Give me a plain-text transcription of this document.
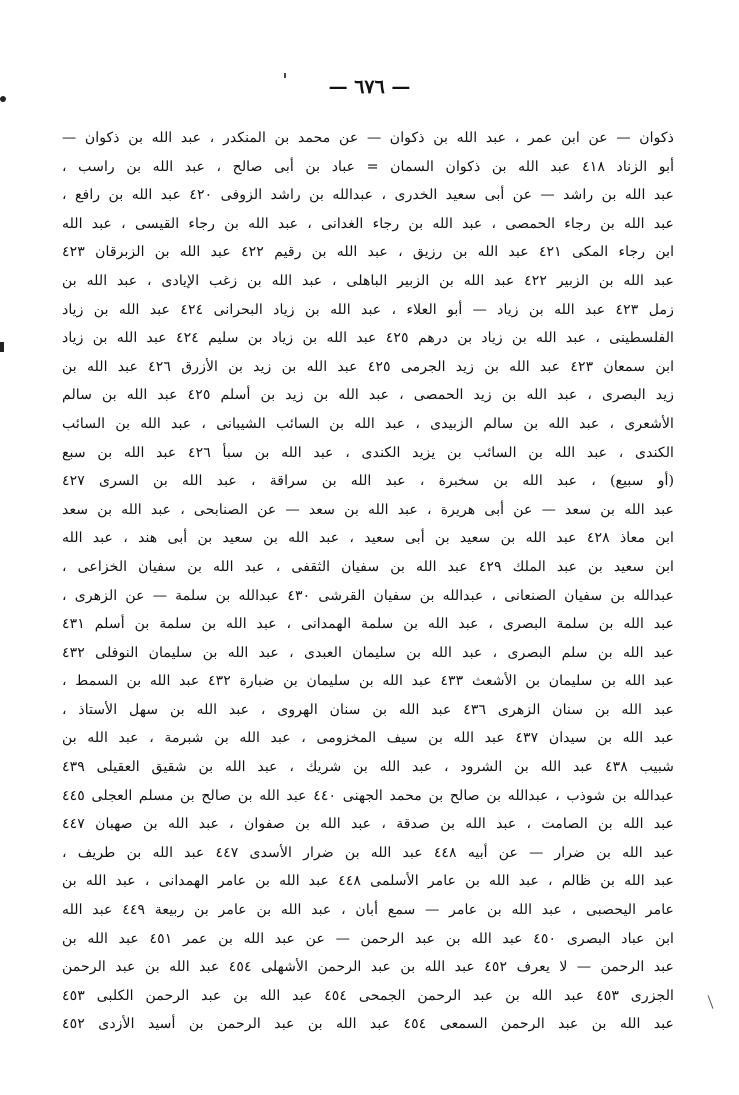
— ٦٧٦ —
ذكوان — عن ابن عمر ، عبد الله بن ذكوان — عن محمد بن المنكدر ، عبد الله بن ذكوان —
أبو الزناد ٤١٨ عبد الله بن ذكوان السمان = عباد بن أبى صالح ، عبد الله بن راسب ،
عبد الله بن راشد — عن أبى سعيد الخدرى ، عبدالله بن راشد الزوفى ٤٢٠ عبد الله بن رافع ،
عبد الله بن رجاء الحمصى ، عبد الله بن رجاء الغدانى ، عبد الله بن رجاء القيسى ، عبد الله
ابن رجاء المكى ٤٢١ عبد الله بن رزيق ، عبد الله بن رقيم ٤٢٢ عبد الله بن الزبرقان ٤٢٣
عبد الله بن الزبير ٤٢٢ عبد الله بن الزبير الباهلى ، عبد الله بن زغب الإيادى ، عبد الله بن
زمل ٤٢٣ عبد الله بن زياد — أبو العلاء ، عبد الله بن زياد البحرانى ٤٢٤ عبد الله بن زياد
الفلسطينى ، عبد الله بن زياد بن درهم ٤٢٥ عبد الله بن زياد بن سليم ٤٢٤ عبد الله بن زياد
ابن سمعان ٤٢٣ عبد الله بن زيد الجرمى ٤٢٥ عبد الله بن زيد بن الأزرق ٤٢٦ عبد الله بن
زيد البصرى ، عبد الله بن زيد الحمصى ، عبد الله بن زيد بن أسلم ٤٢٥ عبد الله بن سالم
الأشعرى ، عبد الله بن سالم الزبيدى ، عبد الله بن السائب الشيبانى ، عبد الله بن السائب
الكندى ، عبد الله بن السائب بن يزيد الكندى ، عبد الله بن سبأ ٤٢٦ عبد الله بن سبع
(أو سبيع) ، عبد الله بن سخبرة ، عبد الله بن سراقة ، عبد الله بن السرى ٤٢٧
عبد الله بن سعد — عن أبى هريرة ، عبد الله بن سعد — عن الصنابحى ، عبد الله بن سعد
ابن معاذ ٤٢٨ عبد الله بن سعيد بن أبى سعيد ، عبد الله بن سعيد بن أبى هند ، عبد الله
ابن سعيد بن عبد الملك ٤٢٩ عبد الله بن سفيان الثقفى ، عبد الله بن سفيان الخزاعى ،
عبدالله بن سفيان الصنعانى ، عبدالله بن سفيان القرشى ٤٣٠ عبدالله بن سلمة — عن الزهرى ،
عبد الله بن سلمة البصرى ، عبد الله بن سلمة الهمدانى ، عبد الله بن سلمة بن أسلم ٤٣١
عبد الله بن سلم البصرى ، عبد الله بن سليمان العبدى ، عبد الله بن سليمان النوفلى ٤٣٢
عبد الله بن سليمان بن الأشعث ٤٣٣ عبد الله بن سليمان بن ضبارة ٤٣٢ عبد الله بن السمط ،
عبد الله بن سنان الزهرى ٤٣٦ عبد الله بن سنان الهروى ، عبد الله بن سهل الأستاذ ،
عبد الله بن سيدان ٤٣٧ عبد الله بن سيف المخزومى ، عبد الله بن شبرمة ، عبد الله بن
شبيب ٤٣٨ عبد الله بن الشرود ، عبد الله بن شريك ، عبد الله بن شقيق العقيلى ٤٣٩
عبدالله بن شوذب ، عبدالله بن صالح بن محمد الجهنى ٤٤٠ عبد الله بن صالح بن مسلم العجلى ٤٤٥
عبد الله بن الصامت ، عبد الله بن صدقة ، عبد الله بن صفوان ، عبد الله بن صهبان ٤٤٧
عبد الله بن ضرار — عن أبيه ٤٤٨ عبد الله بن ضرار الأسدى ٤٤٧ عبد الله بن طريف ،
عبد الله بن ظالم ، عبد الله بن عامر الأسلمى ٤٤٨ عبد الله بن عامر الهمدانى ، عبد الله بن
عامر اليحصبى ، عبد الله بن عامر — سمع أبان ، عبد الله بن عامر بن ربيعة ٤٤٩ عبد الله
ابن عباد البصرى ٤٥٠ عبد الله بن عبد الرحمن — عن عبد الله بن عمر ٤٥١ عبد الله بن
عبد الرحمن — لا يعرف ٤٥٢ عبد الله بن عبد الرحمن الأشهلى ٤٥٤ عبد الله بن عبد الرحمن
الجزرى ٤٥٣ عبد الله بن عبد الرحمن الجمحى ٤٥٤ عبد الله بن عبد الرحمن الكلبى ٤٥٣
عبد الله بن عبد الرحمن السمعى ٤٥٤ عبد الله بن عبد الرحمن بن أسيد الأزدى ٤٥٢
